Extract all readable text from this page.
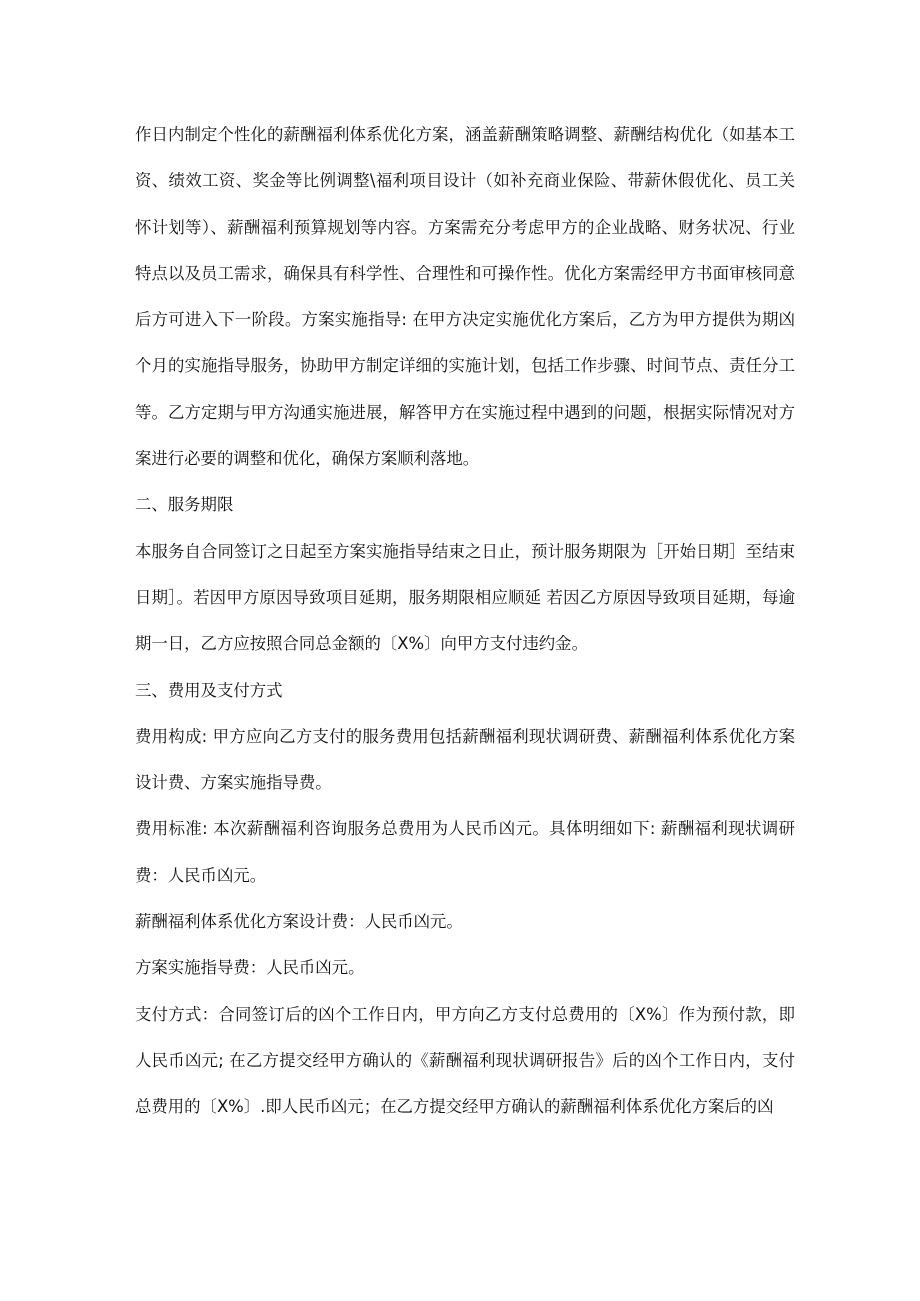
作日内制定个性化的薪酬福利体系优化方案，涵盖薪酬策略调整、薪酬结构优化（如基本工资、绩效工资、奖金等比例调整\福利项目设计（如补充商业保险、带薪休假优化、员工关怀计划等）、薪酬福利预算规划等内容。方案需充分考虑甲方的企业战略、财务状况、行业特点以及员工需求，确保具有科学性、合理性和可操作性。优化方案需经甲方书面审核同意后方可进入下一阶段。方案实施指导: 在甲方决定实施优化方案后，乙方为甲方提供为期凶个月的实施指导服务，协助甲方制定详细的实施计划，包括工作步骤、时间节点、责任分工等。乙方定期与甲方沟通实施进展，解答甲方在实施过程中遇到的问题，根据实际情况对方案进行必要的调整和优化，确保方案顺利落地。

二、服务期限

本服务自合同签订之日起至方案实施指导结束之日止，预计服务期限为［开始日期］至结束日期］。若因甲方原因导致项目延期，服务期限相应顺延 若因乙方原因导致项目延期，每逾期一日，乙方应按照合同总金额的〔X%〕向甲方支付违约金。

三、费用及支付方式

费用构成: 甲方应向乙方支付的服务费用包括薪酬福利现状调研费、薪酬福利体系优化方案设计费、方案实施指导费。

费用标准: 本次薪酬福利咨询服务总费用为人民币凶元。具体明细如下: 薪酬福利现状调研费：人民币凶元。

薪酬福利体系优化方案设计费：人民币凶元。

方案实施指导费：人民币凶元。

支付方式：合同签订后的凶个工作日内，甲方向乙方支付总费用的〔X%〕作为预付款，即人民币凶元; 在乙方提交经甲方确认的《薪酬福利现状调研报告》后的凶个工作日内，支付总费用的〔X%〕.即人民币凶元；在乙方提交经甲方确认的薪酬福利体系优化方案后的凶
